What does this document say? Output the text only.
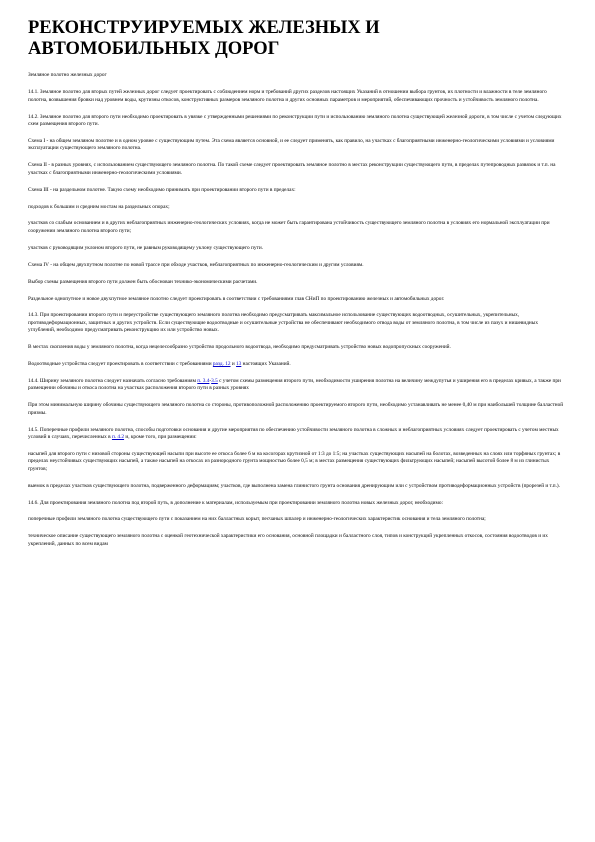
РЕКОНСТРУИРУЕМЫХ ЖЕЛЕЗНЫХ И АВТОМОБИЛЬНЫХ ДОРОГ

Земляное полотно железных дорог

14.1. Земляное полотно для вторых путей железных дорог следует проектировать с соблюдением норм и требований других разделов настоящих Указаний в отношении выбора грунтов, их плотности и влажности в теле земляного полотна, возвышения бровки над уровнем воды, крутизны откосов, конструктивных размеров земляного полотна и других основных параметров и мероприятий, обеспечивающих прочность и устойчивость земляного полотна.

14.2. Земляное полотно для второго пути необходимо проектировать в увязке с утвержденными решениями по реконструкции пути и использованию земляного полотна существующей железной дороги, в том числе с учетом следующих схем размещения второго пути.

Схема I - на общем земляном полотне и в одном уровне с существующим путем. Эта схема является основной, и ее следует применять, как правило, на участках с благоприятными инженерно-геологическими условиями и условиями эксплуатации существующего земляного полотна.

Схема II - в разных уровнях, с использованием существующего земляного полотна. По такой схеме следует проектировать земляное полотно в местах реконструкции существующего пути, в пределах путепроводных развязок и т.п. на участках с благоприятными инженерно-геологическими условиями.

Схема III - на раздельном полотне. Такую схему необходимо принимать при проектировании второго пути в пределах:

подходов к большим и средним мостам на раздельных опорах;

участков со слабым основанием и в других неблагоприятных инженерно-геологических условиях, когда не может быть гарантирована устойчивость существующего земляного полотна в условиях его нормальной эксплуатации при сооружении земляного полотна второго пути;

участков с руководящим уклоном второго пути, не равным руководящему уклону существующего пути.

Схема IV - на общем двухпутном полотне по новой трассе при обходе участков, неблагоприятных по инженерно-геологическим и другим условиям.

Выбор схемы размещения второго пути должен быть обоснован технико-экономическими расчетами.

Раздельное однопутное и новое двухпутное земляное полотно следует проектировать в соответствии с требованиями глав СНиП по проектированию железных и автомобильных дорог.

14.3. При проектировании второго пути и переустройстве существующего земляного полотна необходимо предусматривать максимальное использование существующих водоотводных, осушительных, укрепительных, противодеформационных, защитных и других устройств. Если существующие водоотводные и осушительные устройства не обеспечивают необходимого отвода воды от земляного полотна, в том числе из пазух и нишевидных углублений, необходимо предусматривать реконструкцию их или устройство новых.

В местах скопления воды у земляного полотна, когда нецелесообразно устройство продольного водоотвода, необходимо предусматривать устройство новых водопропускных сооружений.

Водоотводные устройства следует проектировать в соответствии с требованиями разд. 12 и 13 настоящих Указаний.

14.4. Ширину земляного полотна следует назначать согласно требованиям п. 3.4-3.5 с учетом схемы размещения второго пути, необходимости уширения полотна на величину междупутья и уширения его в пределах кривых, а также при размещении обочины и откоса полотна на участках расположения второго пути в разных уровнях

При этом минимальную ширину обочины существующего земляного полотна со стороны, противоположной расположению проектируемого второго пути, необходимо устанавливать не менее 0,40 м при наибольшей толщине балластной призмы.

14.5. Поперечные профили земляного полотна, способы подготовки основания и другие мероприятия по обеспечению устойчивости земляного полотна в сложных и неблагоприятных условиях следует проектировать с учетом местных условий в случаях, перечисленных в п. 4.2 и, кроме того, при размещении:

насыпей для второго пути с низовой стороны существующей насыпи при высоте ее откоса более 6 м на косогорах крутизной от 1:3 до 1:5; на участках существующих насыпей на болотах, возведенных на слоях или торфяных грунтах; в пределах неустойчивых существующих насыпей, а также насыпей на откосах из разнородного грунта мощностью более 0,5 м; в местах размещения существующих фильтрующих насыпей; насыпей высотой более 8 м из глинистых грунтов;

выемок в пределах участков существующего полотна, подверженного деформациям; участков, где выполнена замена глинистого грунта основания дренирующим или с устройством противодеформационных устройств (прорезей и т.п.).

14.6. Для проектирования земляного полотна под второй путь, в дополнение к материалам, используемым при проектировании земляного полотна новых железных дорог, необходимо:

поперечные профили земляного полотна существующего пути с показанием на них балластных корыт, песчаных шпалер и инженерно-геологических характеристик основания и тела земляного полотна;

техническое описание существующего земляного полотна с оценкой геотехнической характеристики его основания, основной площадки и балластного слоя, типов и конструкций укрепленных откосов, состояния водоотводов и их укреплений, данных по всем видам
